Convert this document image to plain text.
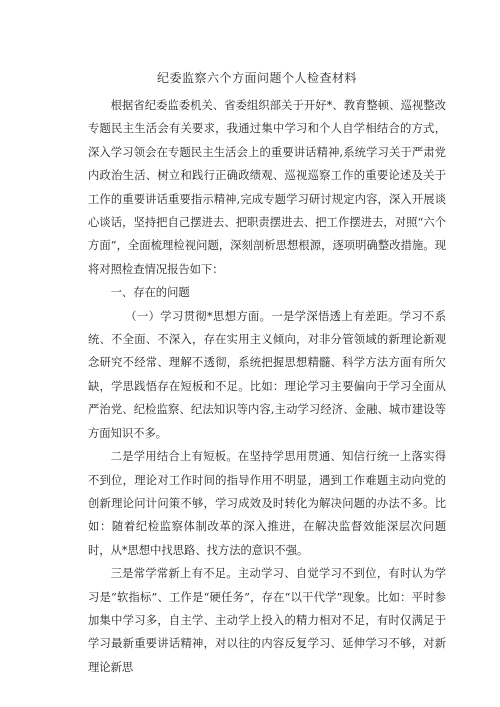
纪委监察六个方面问题个人检查材料

根据省纪委监委机关、省委组织部关于开好*、教育整顿、巡视整改专题民主生活会有关要求，我通过集中学习和个人自学相结合的方式，深入学习领会在专题民主生活会上的重要讲话精神,系统学习关于严肃党内政治生活、树立和践行正确政绩观、巡视巡察工作的重要论述及关于工作的重要讲话重要指示精神,完成专题学习研讨规定内容，深入开展谈心谈话，坚持把自己摆进去、把职责摆进去、把工作摆进去，对照“六个方面”，全面梳理检视问题，深刻剖析思想根源，逐项明确整改措施。现将对照检查情况报告如下：

一、存在的问题

（一）学习贯彻*思想方面。一是学深悟透上有差距。学习不系统、不全面、不深入，存在实用主义倾向，对非分管领域的新理论新观念研究不经常、理解不透彻，系统把握思想精髓、科学方法方面有所欠缺，学思践悟存在短板和不足。比如：理论学习主要偏向于学习全面从严治党、纪检监察、纪法知识等内容,主动学习经济、金融、城市建设等方面知识不多。

二是学用结合上有短板。在坚持学思用贯通、知信行统一上落实得不到位，理论对工作时间的指导作用不明显，遇到工作难题主动向党的创新理论问计问策不够，学习成效及时转化为解决问题的办法不多。比如：随着纪检监察体制改革的深入推进，在解决监督效能深层次问题时，从*思想中找思路、找方法的意识不强。

三是常学常新上有不足。主动学习、自觉学习不到位，有时认为学习是“软指标”、工作是“硬任务”，存在“以干代学”现象。比如：平时参加集中学习多，自主学、主动学上投入的精力相对不足，有时仅满足于学习最新重要讲话精神，对以往的内容反复学习、延伸学习不够，对新理论新思
